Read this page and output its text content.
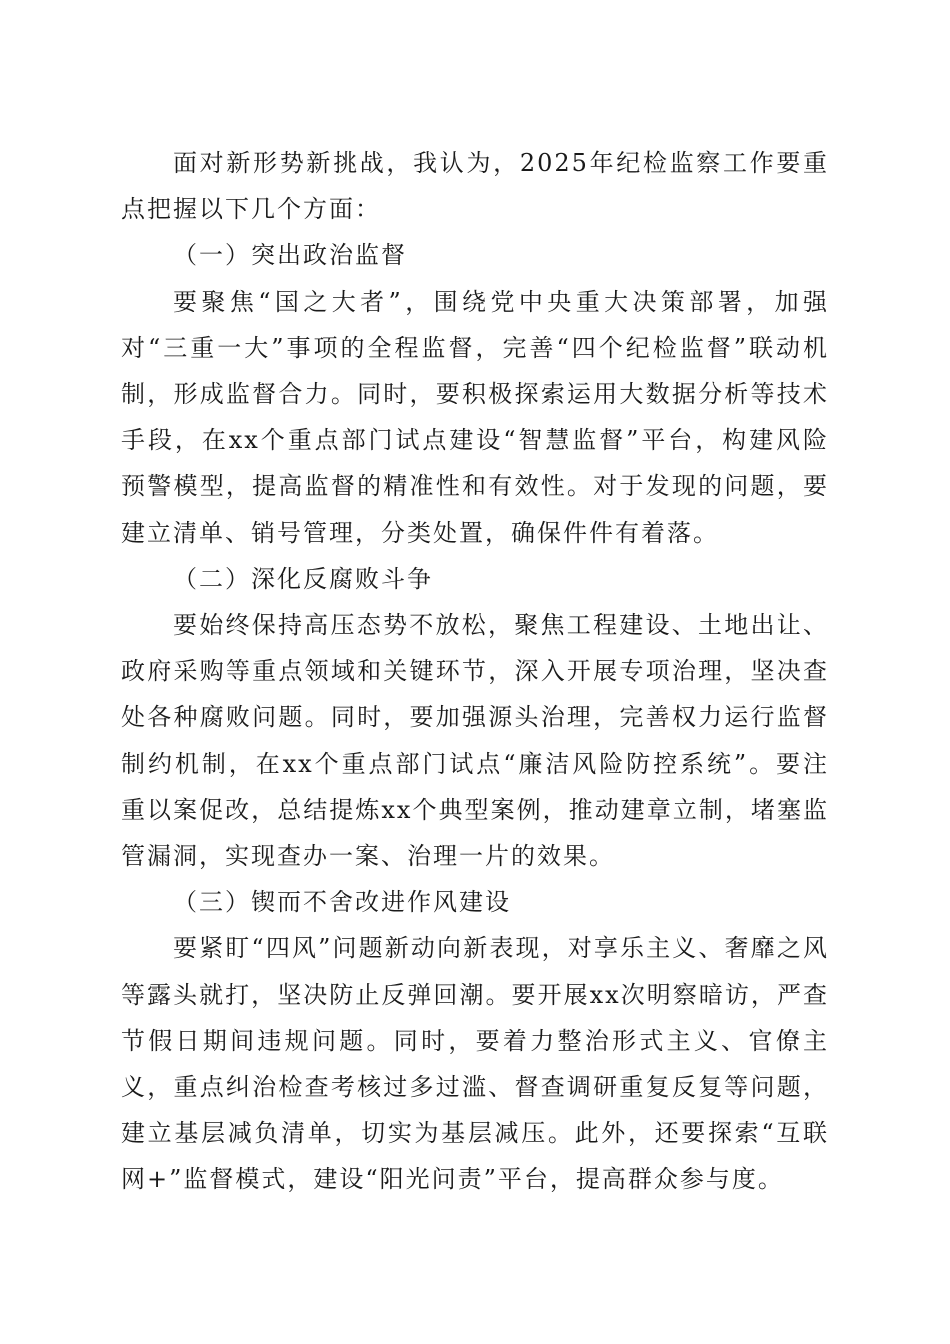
面对新形势新挑战，我认为，2025年纪检监察工作要重点把握以下几个方面：

（一）突出政治监督

要聚焦“国之大者”，围绕党中央重大决策部署，加强对“三重一大”事项的全程监督，完善“四个纪检监督”联动机制，形成监督合力。同时，要积极探索运用大数据分析等技术手段，在xx个重点部门试点建设“智慧监督”平台，构建风险预警模型，提高监督的精准性和有效性。对于发现的问题，要建立清单、销号管理，分类处置，确保件件有着落。

（二）深化反腐败斗争

要始终保持高压态势不放松，聚焦工程建设、土地出让、政府采购等重点领域和关键环节，深入开展专项治理，坚决查处各种腐败问题。同时，要加强源头治理，完善权力运行监督制约机制，在xx个重点部门试点“廉洁风险防控系统”。要注重以案促改，总结提炼xx个典型案例，推动建章立制，堵塞监管漏洞，实现查办一案、治理一片的效果。

（三）锲而不舍改进作风建设

要紧盯“四风”问题新动向新表现，对享乐主义、奢靡之风等露头就打，坚决防止反弹回潮。要开展xx次明察暗访，严查节假日期间违规问题。同时，要着力整治形式主义、官僚主义，重点纠治检查考核过多过滥、督查调研重复反复等问题，建立基层减负清单，切实为基层减压。此外，还要探索“互联网+”监督模式，建设“阳光问责”平台，提高群众参与度。
